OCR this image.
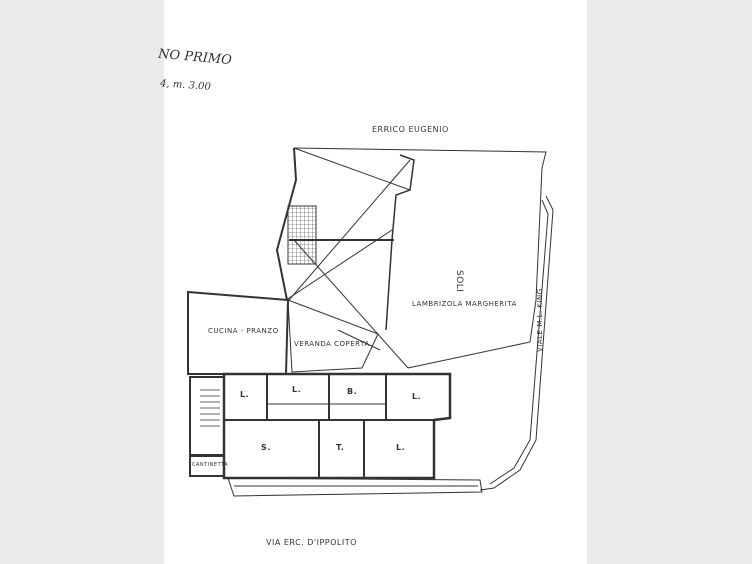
NO PRIMO
4, m. 3.00
ERRICO EUGENIO
VIA ERC. D'IPPOLITO
VIALE M.L. KING
SOLI
LAMBRIZOLA MARGHERITA
CUCINA - PRANZO
VERANDA COPERTA
CANTINETTA
L.
L.	B.
L.
S.	T.	L.
